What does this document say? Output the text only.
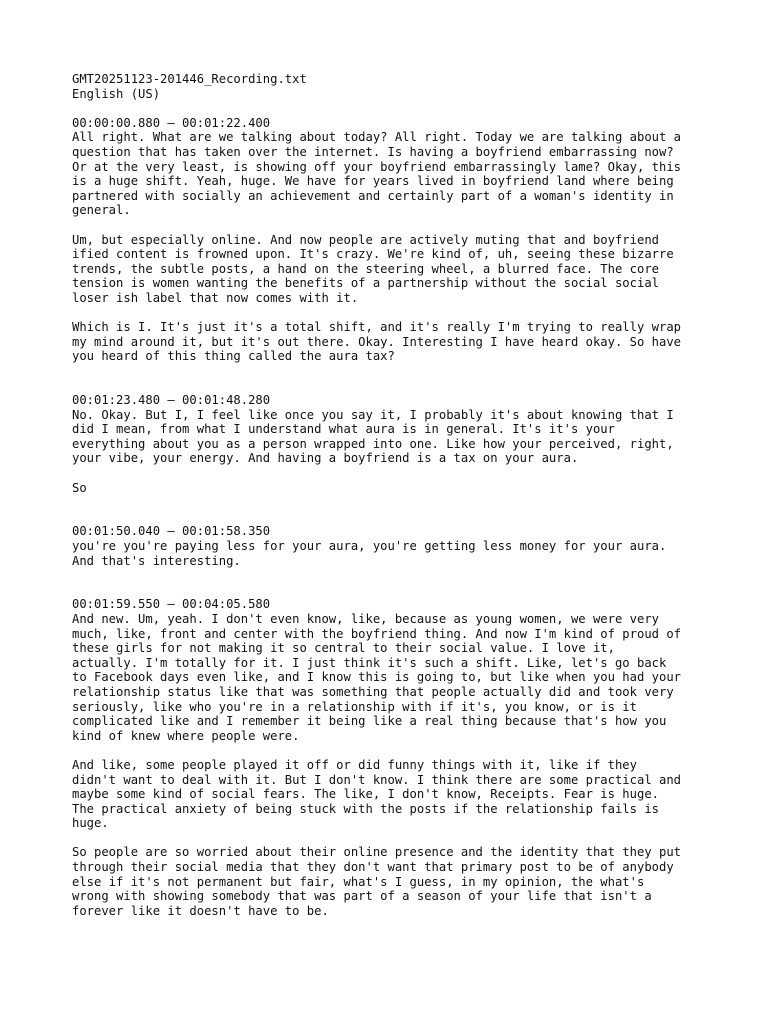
GMT20251123-201446_Recording.txt
English (US)
00:00:00.880 — 00:01:22.400

All right. What are we talking about today? All right. Today we are talking about a
question that has taken over the internet. Is having a boyfriend embarrassing now?
Or at the very least, is showing off your boyfriend embarrassingly lame? Okay, this
is a huge shift. Yeah, huge. We have for years lived in boyfriend land where being
partnered with socially an achievement and certainly part of a woman's identity in
general.

Um, but especially online. And now people are actively muting that and boyfriend
ified content is frowned upon. It's crazy. We're kind of, uh, seeing these bizarre
trends, the subtle posts, a hand on the steering wheel, a blurred face. The core
tension is women wanting the benefits of a partnership without the social social
loser ish label that now comes with it.

Which is I. It's just it's a total shift, and it's really I'm trying to really wrap
my mind around it, but it's out there. Okay. Interesting I have heard okay. So have
you heard of this thing called the aura tax?

00:01:23.480 — 00:01:48.280

No. Okay. But I, I feel like once you say it, I probably it's about knowing that I
did I mean, from what I understand what aura is in general. It's it's your
everything about you as a person wrapped into one. Like how your perceived, right,
your vibe, your energy. And having a boyfriend is a tax on your aura.

So

00:01:50.040 — 00:01:58.350

you're you're paying less for your aura, you're getting less money for your aura.
And that's interesting.

00:01:59.550 — 00:04:05.580

And new. Um, yeah. I don't even know, like, because as young women, we were very
much, like, front and center with the boyfriend thing. And now I'm kind of proud of
these girls for not making it so central to their social value. I love it,
actually. I'm totally for it. I just think it's such a shift. Like, let's go back
to Facebook days even like, and I know this is going to, but like when you had your
relationship status like that was something that people actually did and took very
seriously, like who you're in a relationship with if it's, you know, or is it
complicated like and I remember it being like a real thing because that's how you
kind of knew where people were.

And like, some people played it off or did funny things with it, like if they
didn't want to deal with it. But I don't know. I think there are some practical and
maybe some kind of social fears. The like, I don't know, Receipts. Fear is huge.
The practical anxiety of being stuck with the posts if the relationship fails is
huge.

So people are so worried about their online presence and the identity that they put
through their social media that they don't want that primary post to be of anybody
else if it's not permanent but fair, what's I guess, in my opinion, the what's
wrong with showing somebody that was part of a season of your life that isn't a
forever like it doesn't have to be.
